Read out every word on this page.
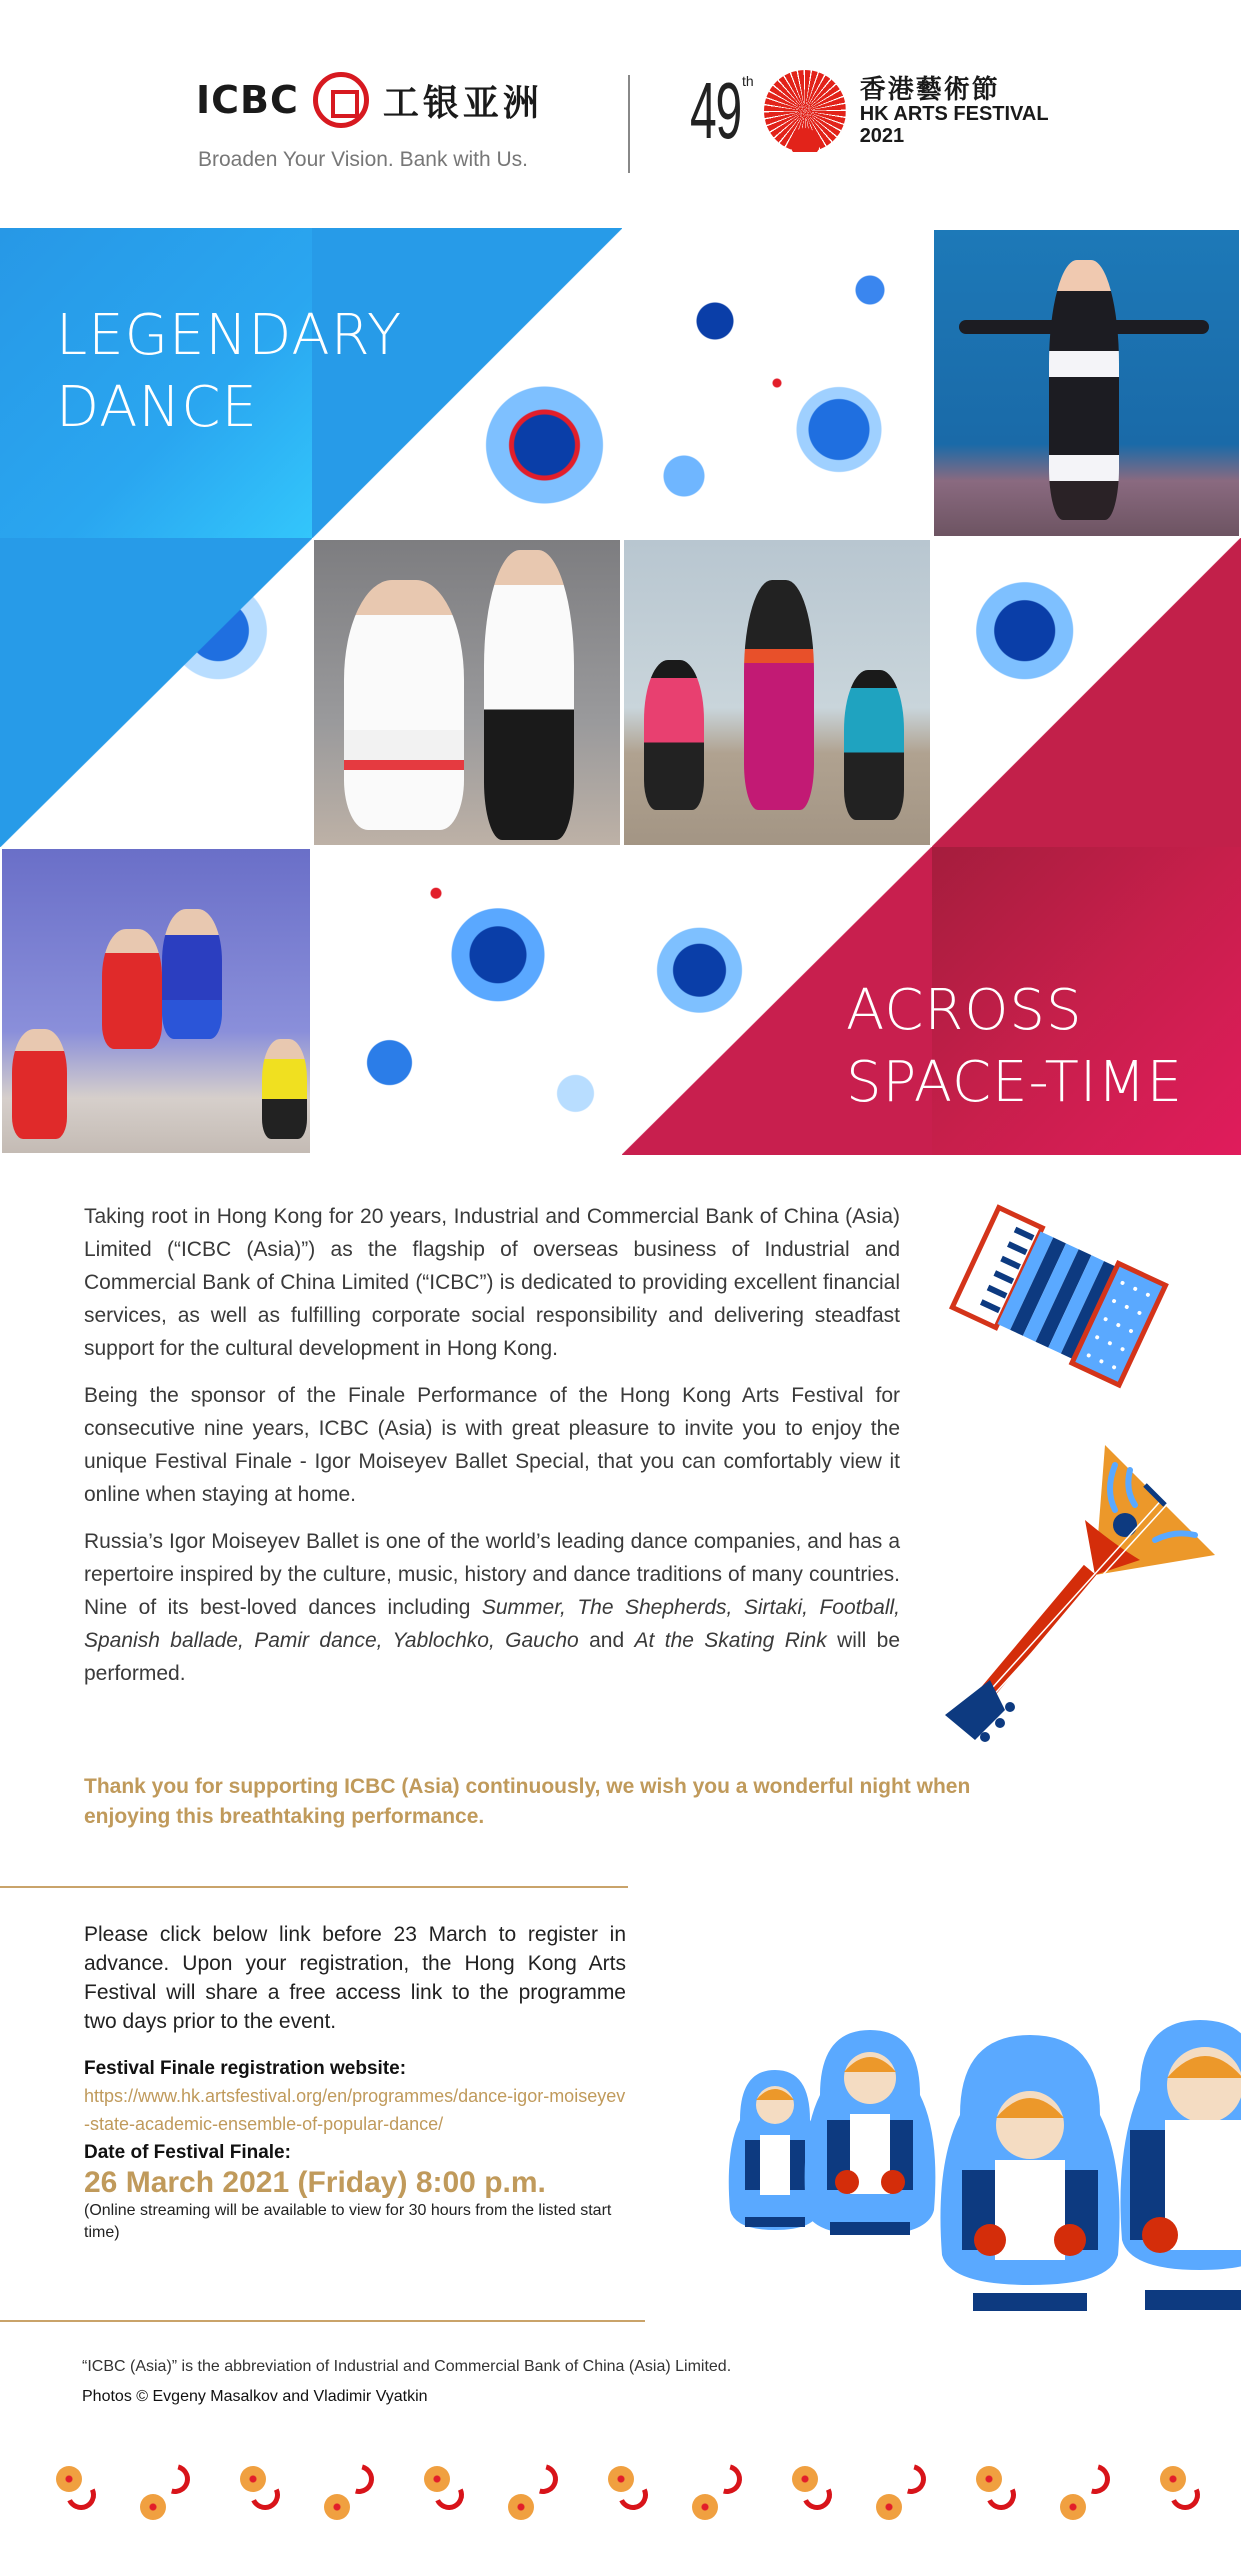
ICBC 工银亚洲
Broaden Your Vision. Bank with Us.
49 th	香港藝術節
HK ARTS FESTIVAL
2021
LEGENDARY
DANCE
ACROSS
SPACE-TIME

Taking root in Hong Kong for 20 years, Industrial and Commercial Bank of China (Asia) Limited (“ICBC (Asia)”) as the flagship of overseas business of Industrial and Commercial Bank of China Limited (“ICBC”) is dedicated to providing excellent financial services, as well as fulfilling corporate social responsibility and delivering steadfast support for the cultural development in Hong Kong.

Being the sponsor of the Finale Performance of the Hong Kong Arts Festival for consecutive nine years, ICBC (Asia) is with great pleasure to invite you to enjoy the unique Festival Finale - Igor Moiseyev Ballet Special, that you can comfortably view it online when staying at home.

Russia’s Igor Moiseyev Ballet is one of the world’s leading dance companies, and has a repertoire inspired by the culture, music, history and dance traditions of many countries. Nine of its best-loved dances including Summer, The Shepherds, Sirtaki, Football, Spanish ballade, Pamir dance, Yablochko, Gaucho and At the Skating Rink will be performed.

Thank you for supporting ICBC (Asia) continuously, we wish you a wonderful night when enjoying this breathtaking performance.

Please click below link before 23 March to register in advance. Upon your registration, the Hong Kong Arts Festival will share a free access link to the programme two days prior to the event.

Festival Finale registration website:
https://www.hk.artsfestival.org/en/programmes/dance-igor-moiseyev-state-academic-ensemble-of-popular-dance/
Date of Festival Finale:
26 March 2021 (Friday) 8:00 p.m.
(Online streaming will be available to view for 30 hours from the listed start time)
“ICBC (Asia)” is the abbreviation of Industrial and Commercial Bank of China (Asia) Limited.
Photos © Evgeny Masalkov and Vladimir Vyatkin
